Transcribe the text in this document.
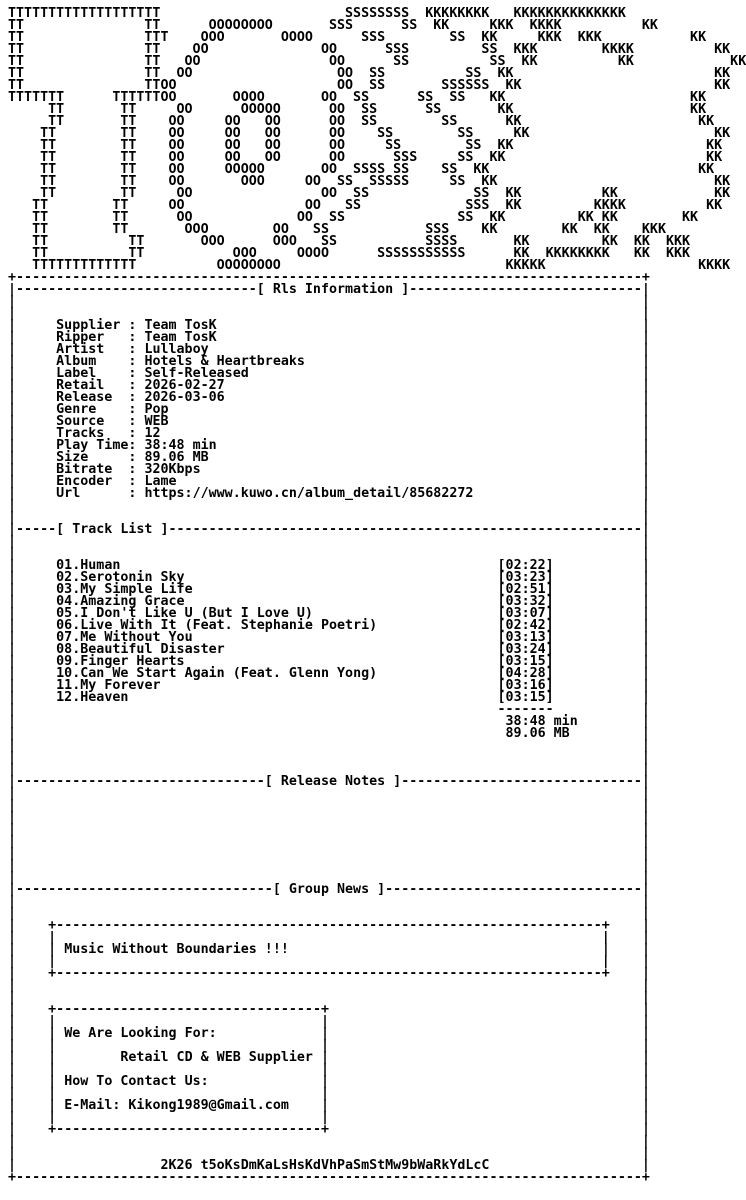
TTTTTTTTTTTTTTTTTTT                       SSSSSSSS  KKKKKKKK   KKKKKKKKKKKKKK
TT               TT      OOOOOOOO       SSS      SS  KK     KKK  KKKK          KK
TT               TTT    OOO       OOOO      SSS        SS  KK     KKK  KKK           KK
TT               TT    OO              OO      SSS         SS  KKK        KKKK          KK
TT               TT   OO                OO      SS          SS  KK          KK            KK
TT               TT  OO                  OO  SS          SS  KK                         KK
TT               TTOO                    OO  SS       SSSSSS  KK                        KK
TTTTTTT      TTTTTTOO       OOOO       OO  SS      SS  SS   KK                       KK
TT       TT     OO      OOOOO      OO  SS      SS       KK                      KK
TT       TT    OO     OO   OO      OO  SS        SS      KK                      KK
TT        TT    OO     OO   OO      OO    SS        SS     KK                       KK
TT        TT    OO     OO   OO      OO     SS        SS  KK                        KK
TT        TT    OO     OO   OO      OO      SSS     SS  KK                         KK
TT        TT    OO     OOOOO       OO  SSSS SS    SS  KK                          KK
TT        TT    OO       OOO     OO  SS  SSSSS     SS  KK                           KK
TT        TT     OO                OO  SS             SS  KK          KK            KK
TT        TT     OO               OO   SS             SSS  KK         KKKK          KK
TT        TT      OO             OO  SS              SS  KK         KK KK        KK
TT        TT       OOO        OO   SS            SSS    KK        KK  KK    KKK
TT          TT       OOO      OOO   SS           SSSS       KK         KK  KK  KKK
TT          TT           OOO     OOOO      SSSSSSSSSSS      KK  KKKKKKKK   KK  KKK
TTTTTTTTTTTTT          OOOOOOOO                            KKKKK                   KKKK
+------------------------------------------------------------------------------+
|------------------------------[ Rls Information ]-----------------------------|
|                                                                              |
|                                                                              |
|	Supplier : Team TosK                                                     |
|	Ripper   : Team TosK                                                     |
|	Artist   : Lullaboy                                                      |
|	Album    : Hotels & Heartbreaks                                          |
|	Label    : Self-Released                                                 |
|	Retail   : 2026-02-27                                                    |
|	Release  : 2026-03-06                                                    |
|	Genre    : Pop                                                           |
|	Source   : WEB                                                           |
|	Tracks   : 12                                                            |
|	Play Time: 38:48 min                                                     |
|	Size     : 89.06 MB                                                      |
|	Bitrate  : 320Kbps                                                       |
|	Encoder  : Lame                                                          |
|	Url      : https://www.kuwo.cn/album_detail/85682272                     |
|                                                                              |
|                                                                              |
|-----[ Track List ]-----------------------------------------------------------|
|                                                                              |
|                                                                              |
|	01.Human	[02:22]           |
|	02.Serotonin Sky	[03:23]           |
|	03.My Simple Life	[02:51]           |
|	04.Amazing Grace	[03:32]           |
|	05.I Don't Like U (But I Love U)	[03:07]           |
|	06.Live With It (Feat. Stephanie Poetri)	[02:42]           |
|	07.Me Without You	[03:13]           |
|	08.Beautiful Disaster	[03:24]           |
|	09.Finger Hearts	[03:15]           |
|	10.Can We Start Again (Feat. Glenn Yong)	[04:28]           |
|	11.My Forever	[03:16]           |
|	12.Heaven	[03:15]           |
|	-------           |
|	38:48 min        |
|	89.06 MB         |
|                                                                              |
|                                                                              |
|                                                                              |
|-------------------------------[ Release Notes ]------------------------------|
|                                                                              |
|                                                                              |
|                                                                              |
|                                                                              |
|                                                                              |
|                                                                              |
|                                                                              |
|                                                                              |
|--------------------------------[ Group News ]--------------------------------|
|                                                                              |
|                                                                              |
| +--------------------------------------------------------------------+    |
| |                                                                    |    |
| | Music Without Boundaries !!!	|    |
| |                                                                    |    |
| +--------------------------------------------------------------------+    |
|                                                                              |
|                                                                              |
| +---------------------------------+                                       |
| |                                 |                                       |
| | We Are Looking For:	|                                       |
| |                                 |                                       |
| |	Retail CD & WEB Supplier |                                       |
| |                                 |                                       |
| | How To Contact Us:	|                                       |
| |                                 |                                       |
| | E-Mail: Kikong1989@Gmail.com |                                       |
| |                                 |                                       |
| +---------------------------------+                                       |
|                                                                              |
|                                                                              |
|	2K26 t5oKsDmKaLsHsKdVhPaSmStMw9bWaRkYdLcC                   |
+------------------------------------------------------------------------------+
